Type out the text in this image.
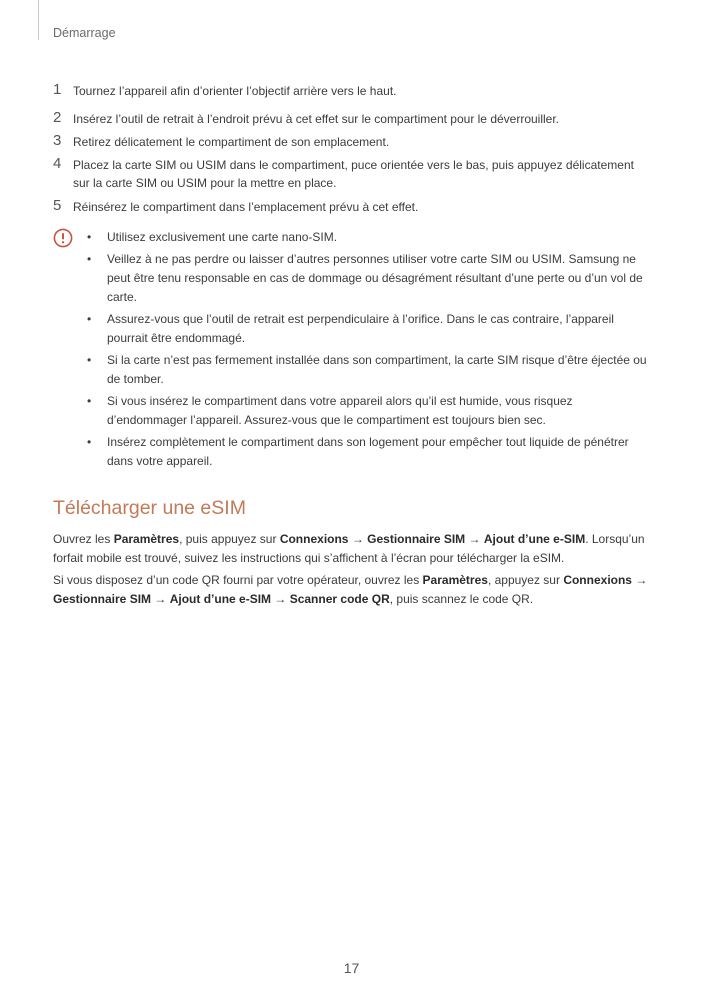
Démarrage
1 Tournez l’appareil afin d’orienter l’objectif arrière vers le haut.
2 Insérez l’outil de retrait à l’endroit prévu à cet effet sur le compartiment pour le déverrouiller.
3 Retirez délicatement le compartiment de son emplacement.
4 Placez la carte SIM ou USIM dans le compartiment, puce orientée vers le bas, puis appuyez délicatement sur la carte SIM ou USIM pour la mettre en place.
5 Réinsérez le compartiment dans l’emplacement prévu à cet effet.
• Utilisez exclusivement une carte nano-SIM.
• Veillez à ne pas perdre ou laisser d’autres personnes utiliser votre carte SIM ou USIM. Samsung ne peut être tenu responsable en cas de dommage ou désagrément résultant d’une perte ou d’un vol de carte.
• Assurez-vous que l’outil de retrait est perpendiculaire à l’orifice. Dans le cas contraire, l’appareil pourrait être endommagé.
• Si la carte n’est pas fermement installée dans son compartiment, la carte SIM risque d’être éjectée ou de tomber.
• Si vous insérez le compartiment dans votre appareil alors qu’il est humide, vous risquez d’endommager l’appareil. Assurez-vous que le compartiment est toujours bien sec.
• Insérez complètement le compartiment dans son logement pour empêcher tout liquide de pénétrer dans votre appareil.
Télécharger une eSIM

Ouvrez les Paramètres, puis appuyez sur Connexions → Gestionnaire SIM → Ajout d’une e-SIM. Lorsqu’un forfait mobile est trouvé, suivez les instructions qui s’affichent à l’écran pour télécharger la eSIM.

Si vous disposez d’un code QR fourni par votre opérateur, ouvrez les Paramètres, appuyez sur Connexions → Gestionnaire SIM → Ajout d’une e-SIM → Scanner code QR, puis scannez le code QR.

17
